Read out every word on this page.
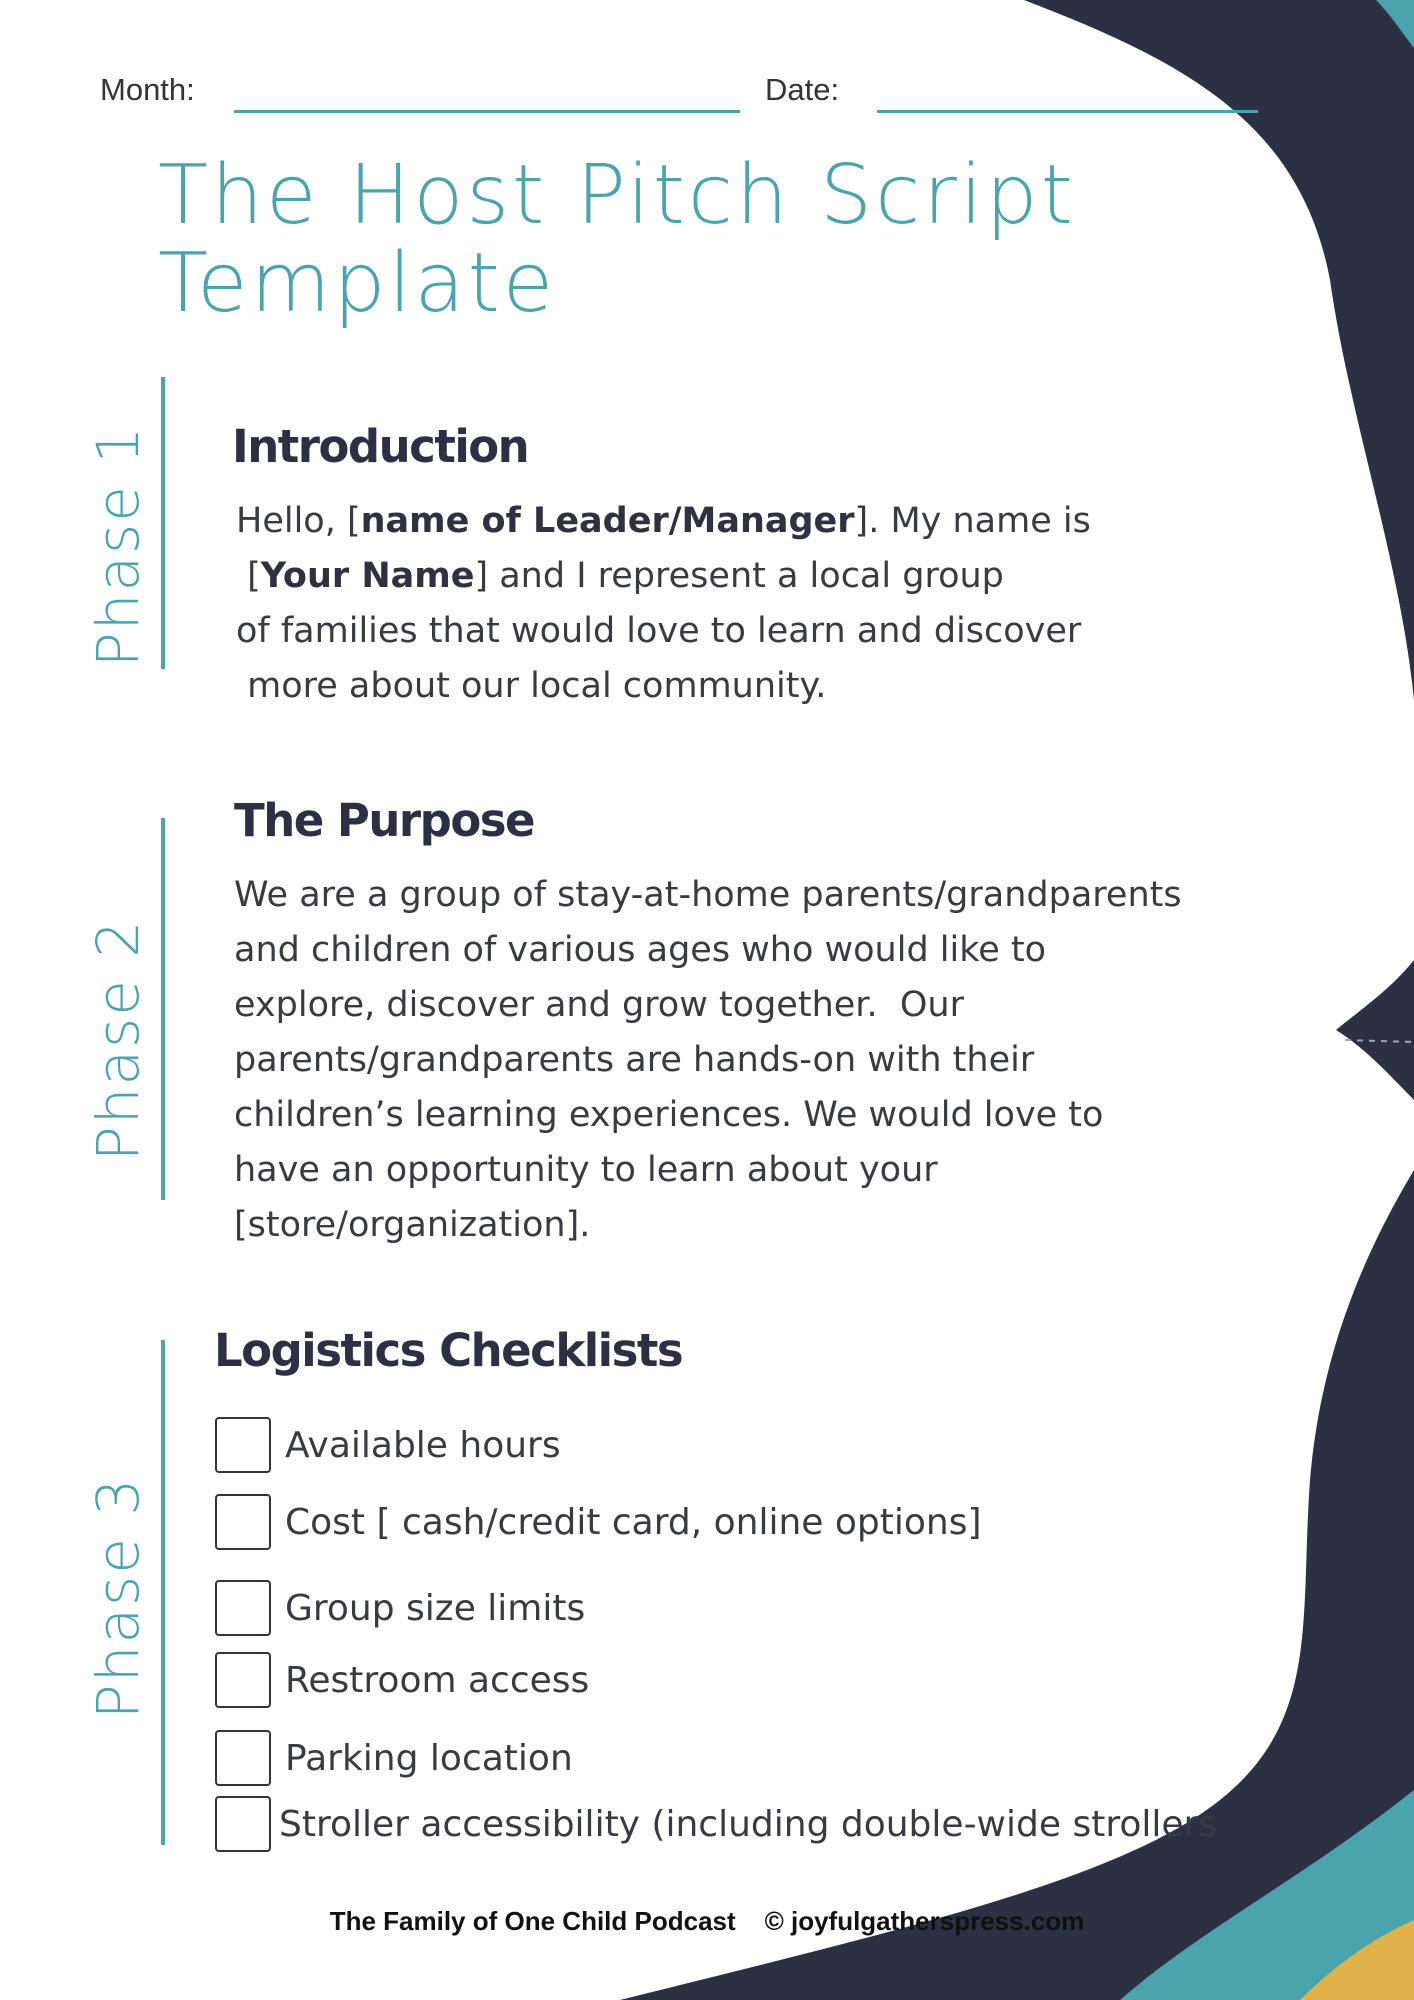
Month:	Date:
The Host Pitch Script
Template
Phase 1 Introduction
Hello, [name of Leader/Manager]. My name is
[Your Name] and I represent a local group
of families that would love to learn and discover
more about our local community.
Phase 2
The Purpose
We are a group of stay-at-home parents/grandparents
and children of various ages who would like to
explore, discover and grow together.  Our
parents/grandparents are hands-on with their
children’s learning experiences. We would love to
have an opportunity to learn about your
[store/organization].
Phase 3
Logistics Checklists
Available hours
Cost [ cash/credit card, online options]
Group size limits
Restroom access
Parking location
Stroller accessibility (including double-wide strollers
The Family of One Child Podcast © joyfulgatherspress.com
